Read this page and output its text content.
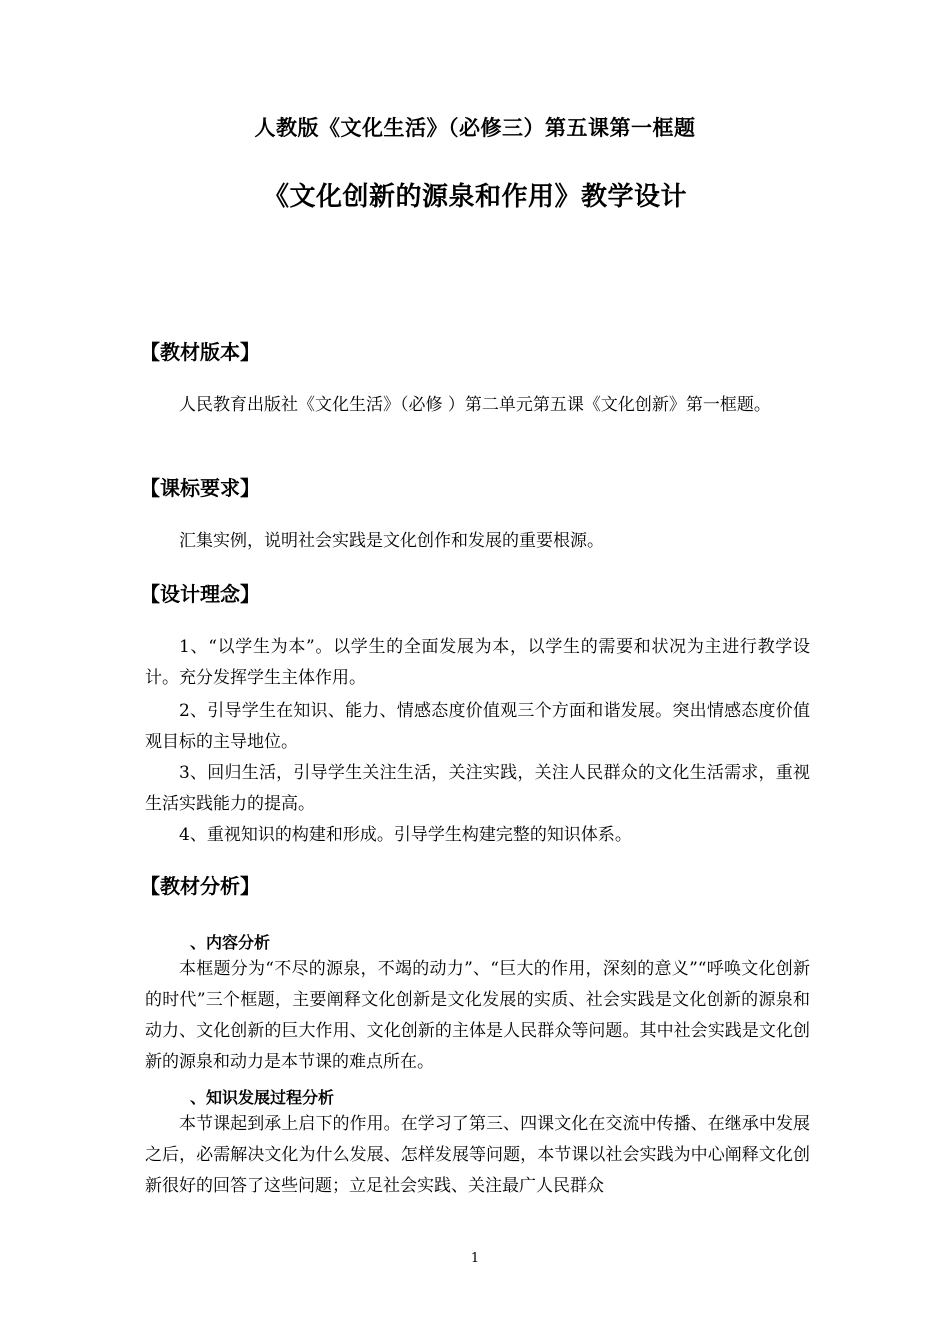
人教版《文化生活》（必修三）第五课第一框题
《文化创新的源泉和作用》教学设计
【教材版本】
人民教育出版社《文化生活》（必修 ）第二单元第五课《文化创新》第一框题。
【课标要求】
汇集实例，说明社会实践是文化创作和发展的重要根源。
【设计理念】
1、“以学生为本”。以学生的全面发展为本，以学生的需要和状况为主进行教学设计。充分发挥学生主体作用。
2、引导学生在知识、能力、情感态度价值观三个方面和谐发展。突出情感态度价值观目标的主导地位。
3、回归生活，引导学生关注生活，关注实践，关注人民群众的文化生活需求，重视生活实践能力的提高。
4、重视知识的构建和形成。引导学生构建完整的知识体系。
【教材分析】
、内容分析
本框题分为“不尽的源泉，不竭的动力”、“巨大的作用，深刻的意义”“呼唤文化创新的时代”三个框题，主要阐释文化创新是文化发展的实质、社会实践是文化创新的源泉和动力、文化创新的巨大作用、文化创新的主体是人民群众等问题。其中社会实践是文化创新的源泉和动力是本节课的难点所在。
、知识发展过程分析
本节课起到承上启下的作用。在学习了第三、四课文化在交流中传播、在继承中发展之后，必需解决文化为什么发展、怎样发展等问题，本节课以社会实践为中心阐释文化创新很好的回答了这些问题；立足社会实践、关注最广人民群众
1
